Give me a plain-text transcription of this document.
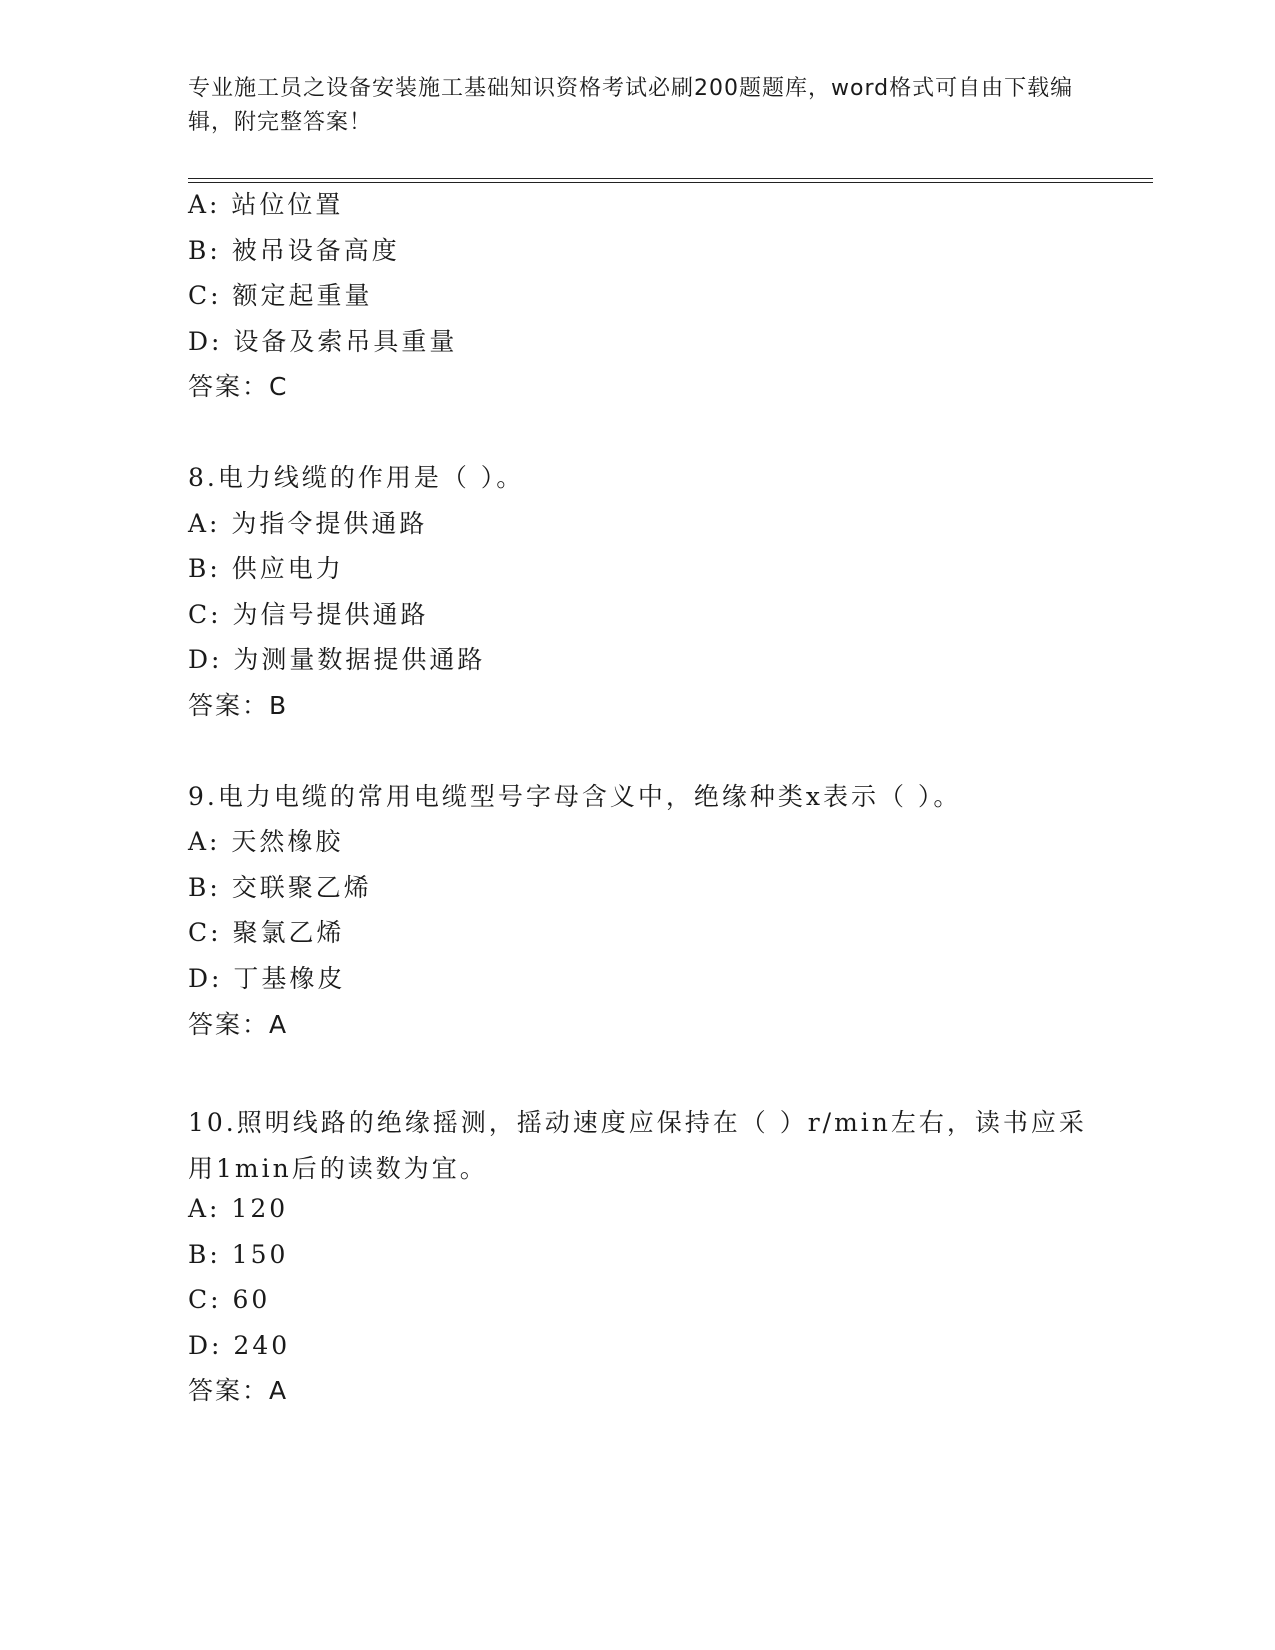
专业施工员之设备安装施工基础知识资格考试必刷200题题库，word格式可自由下载编辑，附完整答案！
A: 站位位置
B: 被吊设备高度
C: 额定起重量
D: 设备及索吊具重量
答案：C
8.电力线缆的作用是（ ）。
A: 为指令提供通路
B: 供应电力
C: 为信号提供通路
D: 为测量数据提供通路
答案：B
9.电力电缆的常用电缆型号字母含义中，绝缘种类x表示（ ）。
A: 天然橡胶
B: 交联聚乙烯
C: 聚氯乙烯
D: 丁基橡皮
答案：A
10.照明线路的绝缘摇测，摇动速度应保持在（ ）r/min左右，读书应采用1min后的读数为宜。
A: 120
B: 150
C: 60
D: 240
答案：A
